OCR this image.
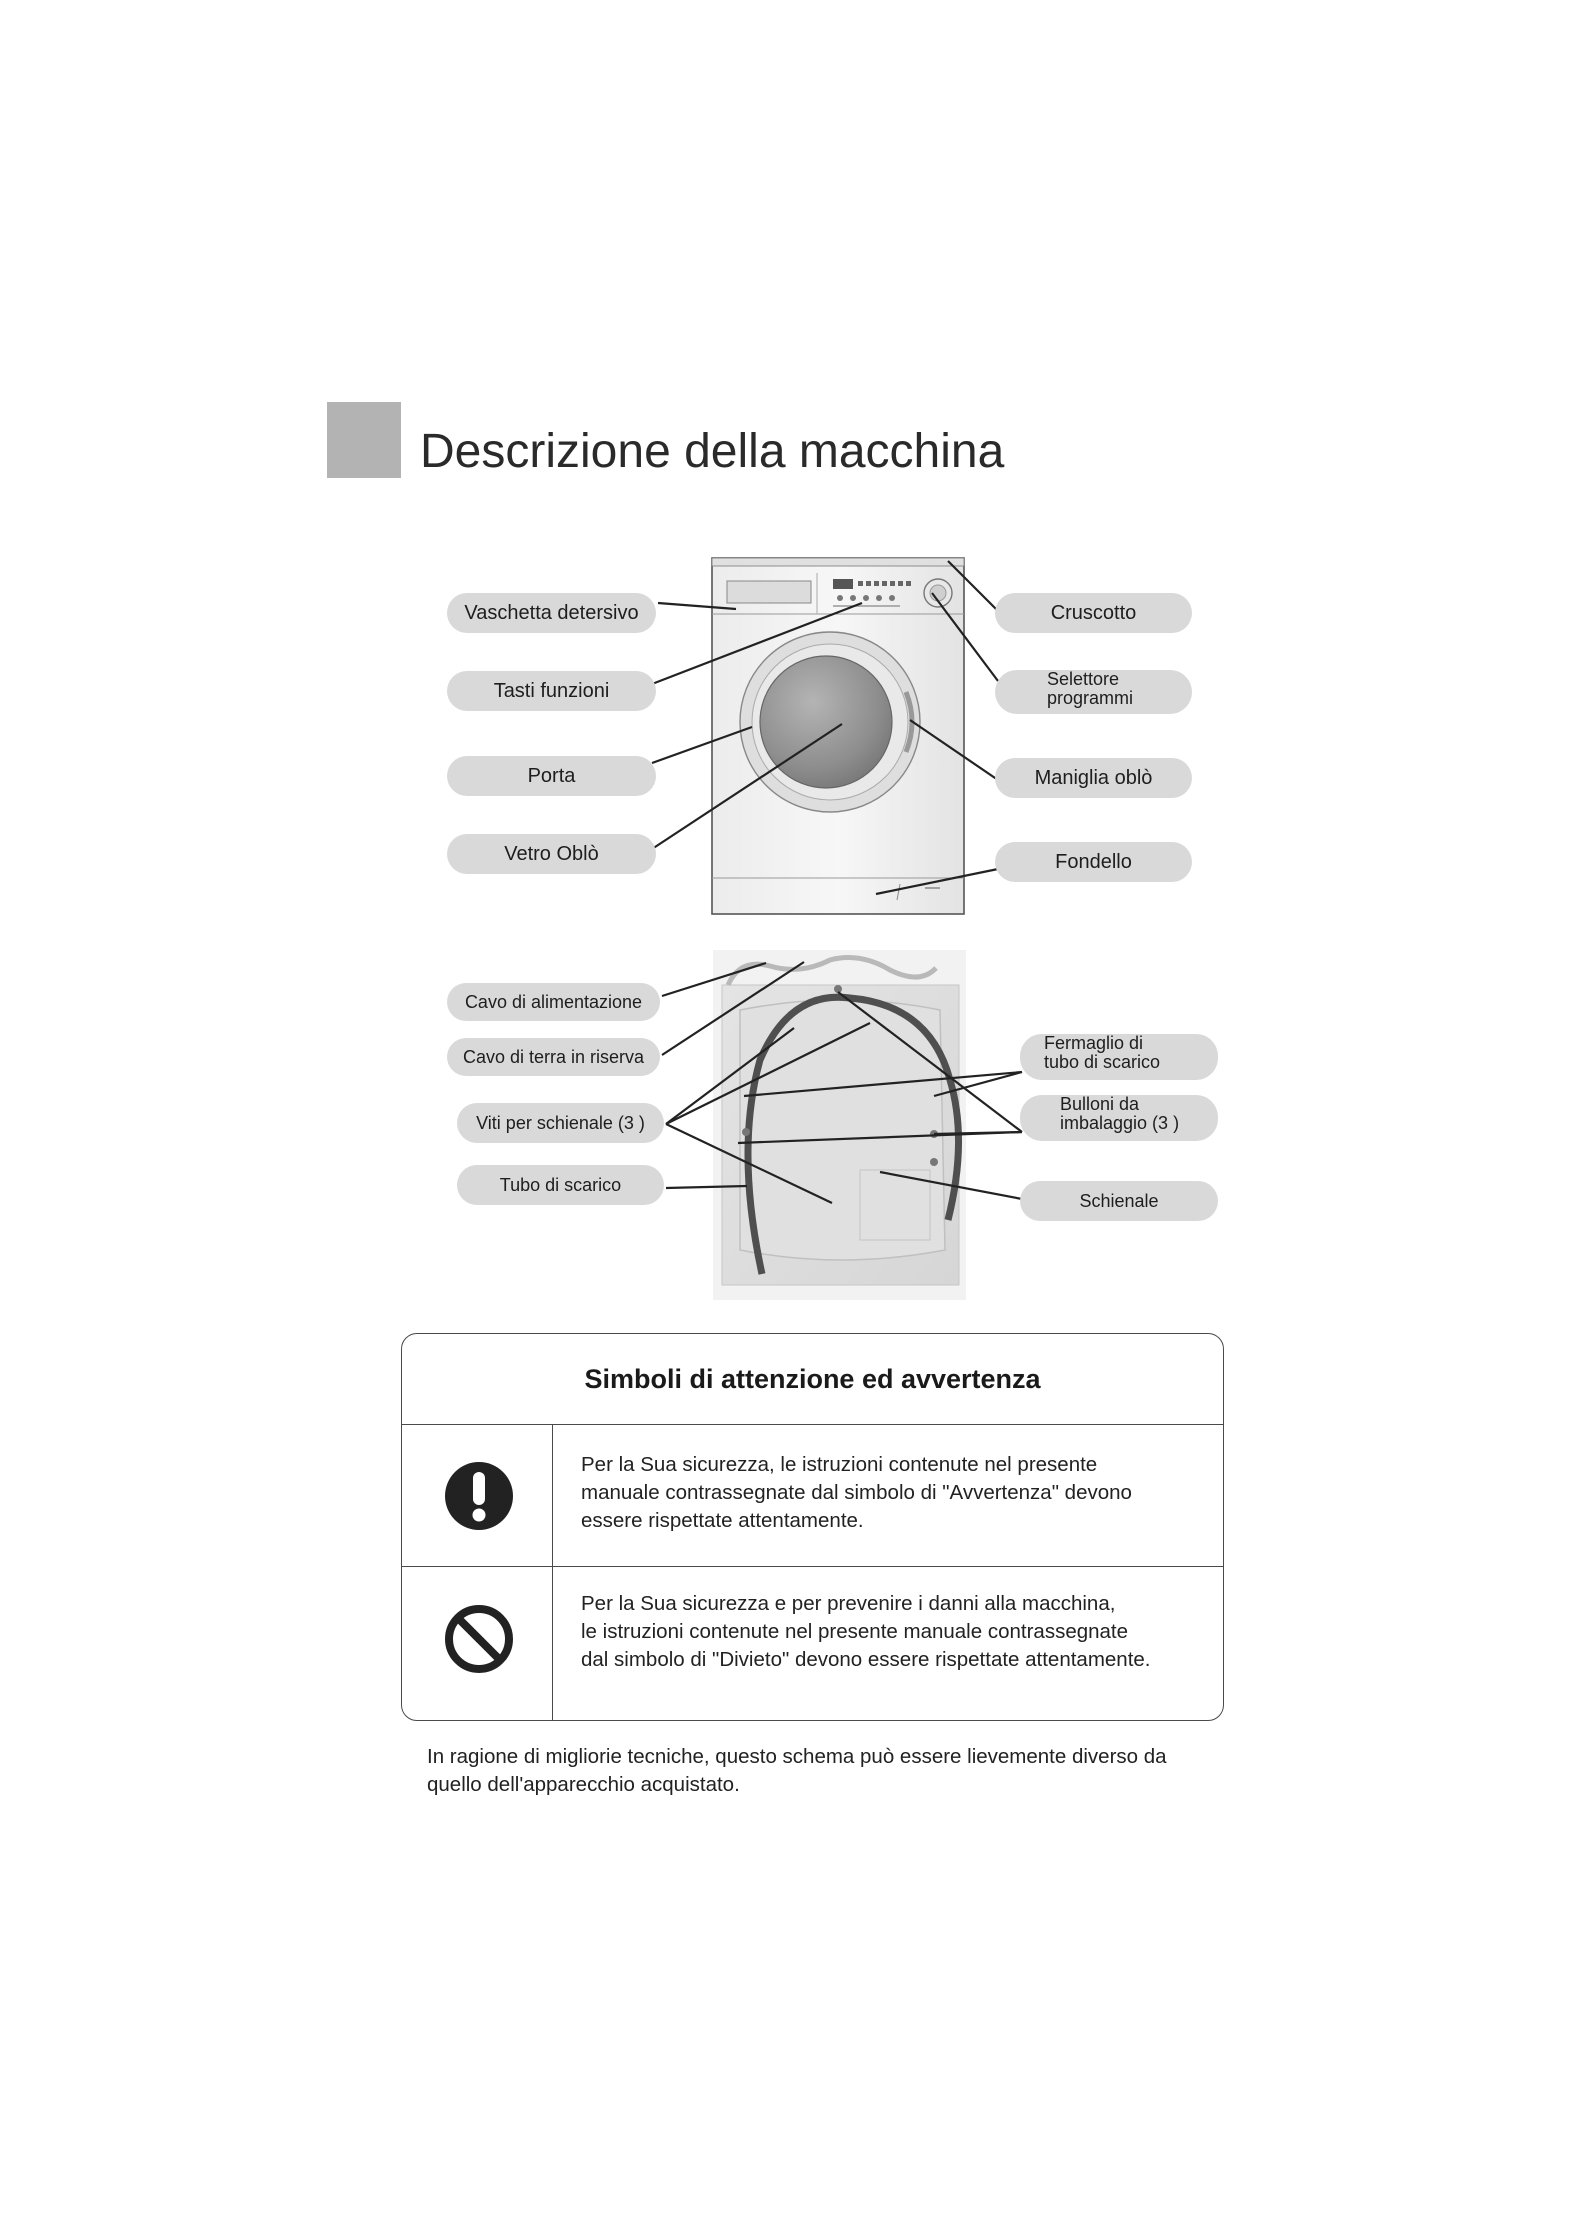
Descrizione della macchina
Vaschetta detersivo
Tasti funzioni
Porta
Vetro Oblò
Cruscotto
Selettore
programmi
Maniglia oblò
Fondello
Cavo di alimentazione
Cavo di terra in riserva
Viti per schienale (3 )
Tubo di scarico
Fermaglio di
tubo di scarico
Bulloni da
imbalaggio (3 )
Schienale
Simboli di attenzione ed avvertenza
Per la Sua sicurezza, le istruzioni contenute nel presente
manuale contrassegnate dal simbolo di "Avvertenza" devono
essere rispettate attentamente.
Per la Sua sicurezza e per prevenire i danni alla macchina,
le istruzioni contenute nel presente manuale contrassegnate
dal simbolo di "Divieto" devono essere rispettate attentamente.
In ragione di migliorie tecniche, questo schema può essere lievemente diverso da
quello dell'apparecchio acquistato.
